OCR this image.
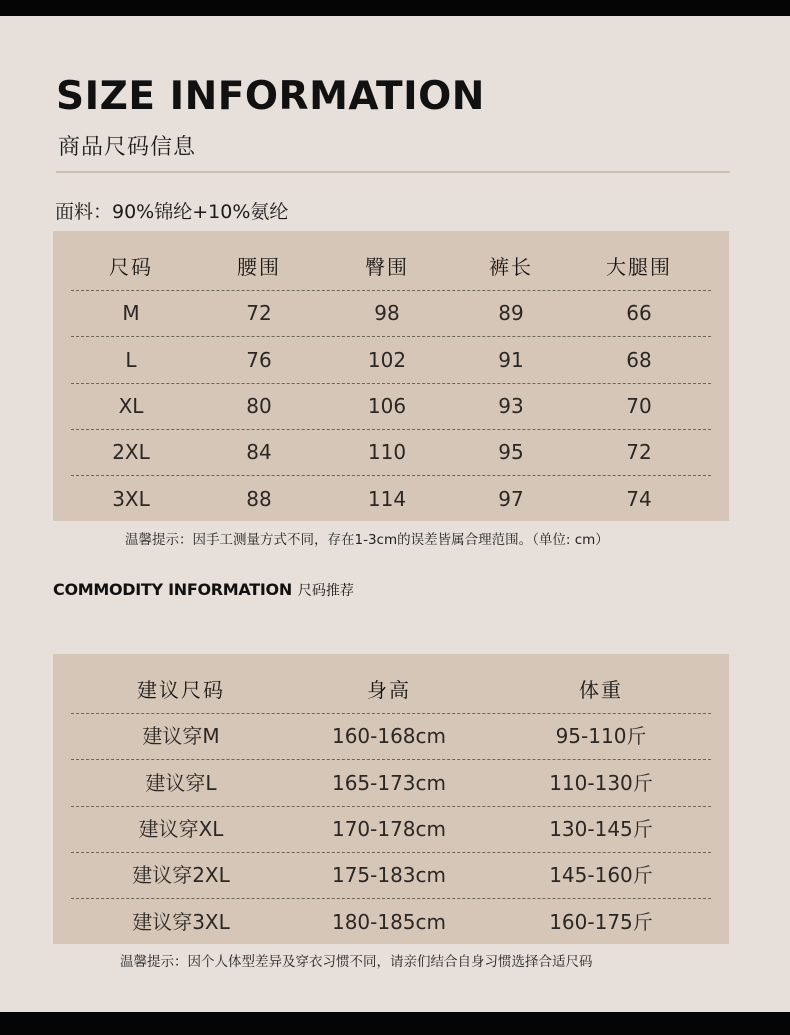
SIZE INFORMATION
商品尺码信息
面料：90%锦纶+10%氨纶
尺码	腰围	臀围	裤长	大腿围
M	72	98	89	66
L	76	102	91	68
XL	80	106	93	70
2XL	84	110	95	72
3XL	88	114	97	74
温馨提示：因手工测量方式不同，存在1-3cm的误差皆属合理范围。（单位: cm）
COMMODITY INFORMATION 尺码推荐
建议尺码	身高	体重
建议穿M	160-168cm	95-110斤
建议穿L	165-173cm	110-130斤
建议穿XL	170-178cm	130-145斤
建议穿2XL	175-183cm	145-160斤
建议穿3XL	180-185cm	160-175斤
温馨提示：因个人体型差异及穿衣习惯不同，请亲们结合自身习惯选择合适尺码
